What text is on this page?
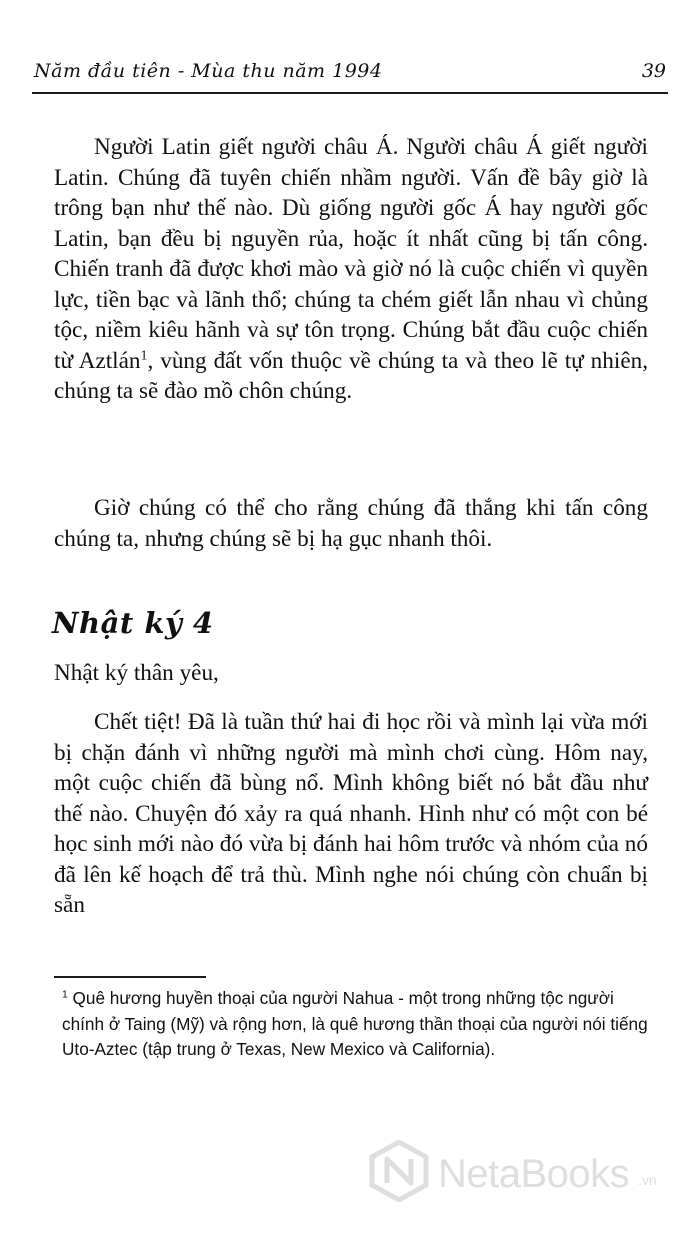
Năm đầu tiên - Mùa thu năm 1994	39

Người Latin giết người châu Á. Người châu Á giết người Latin. Chúng đã tuyên chiến nhầm người. Vấn đề bây giờ là trông bạn như thế nào. Dù giống người gốc Á hay người gốc Latin, bạn đều bị nguyền rủa, hoặc ít nhất cũng bị tấn công. Chiến tranh đã được khơi mào và giờ nó là cuộc chiến vì quyền lực, tiền bạc và lãnh thổ; chúng ta chém giết lẫn nhau vì chủng tộc, niềm kiêu hãnh và sự tôn trọng. Chúng bắt đầu cuộc chiến từ Aztlán$^1$, vùng đất vốn thuộc về chúng ta và theo lẽ tự nhiên, chúng ta sẽ đào mồ chôn chúng.

Giờ chúng có thể cho rằng chúng đã thắng khi tấn công chúng ta, nhưng chúng sẽ bị hạ gục nhanh thôi.

Nhật ký 4
Nhật ký thân yêu,

Chết tiệt! Đã là tuần thứ hai đi học rồi và mình lại vừa mới bị chặn đánh vì những người mà mình chơi cùng. Hôm nay, một cuộc chiến đã bùng nổ. Mình không biết nó bắt đầu như thế nào. Chuyện đó xảy ra quá nhanh. Hình như có một con bé học sinh mới nào đó vừa bị đánh hai hôm trước và nhóm của nó đã lên kế hoạch để trả thù. Mình nghe nói chúng còn chuẩn bị sẵn

$^1$ Quê hương huyền thoại của người Nahua - một trong những tộc người chính ở Taing (Mỹ) và rộng hơn, là quê hương thần thoại của người nói tiếng Uto-Aztec (tập trung ở Texas, New Mexico và California).
NetaBooks .vn
